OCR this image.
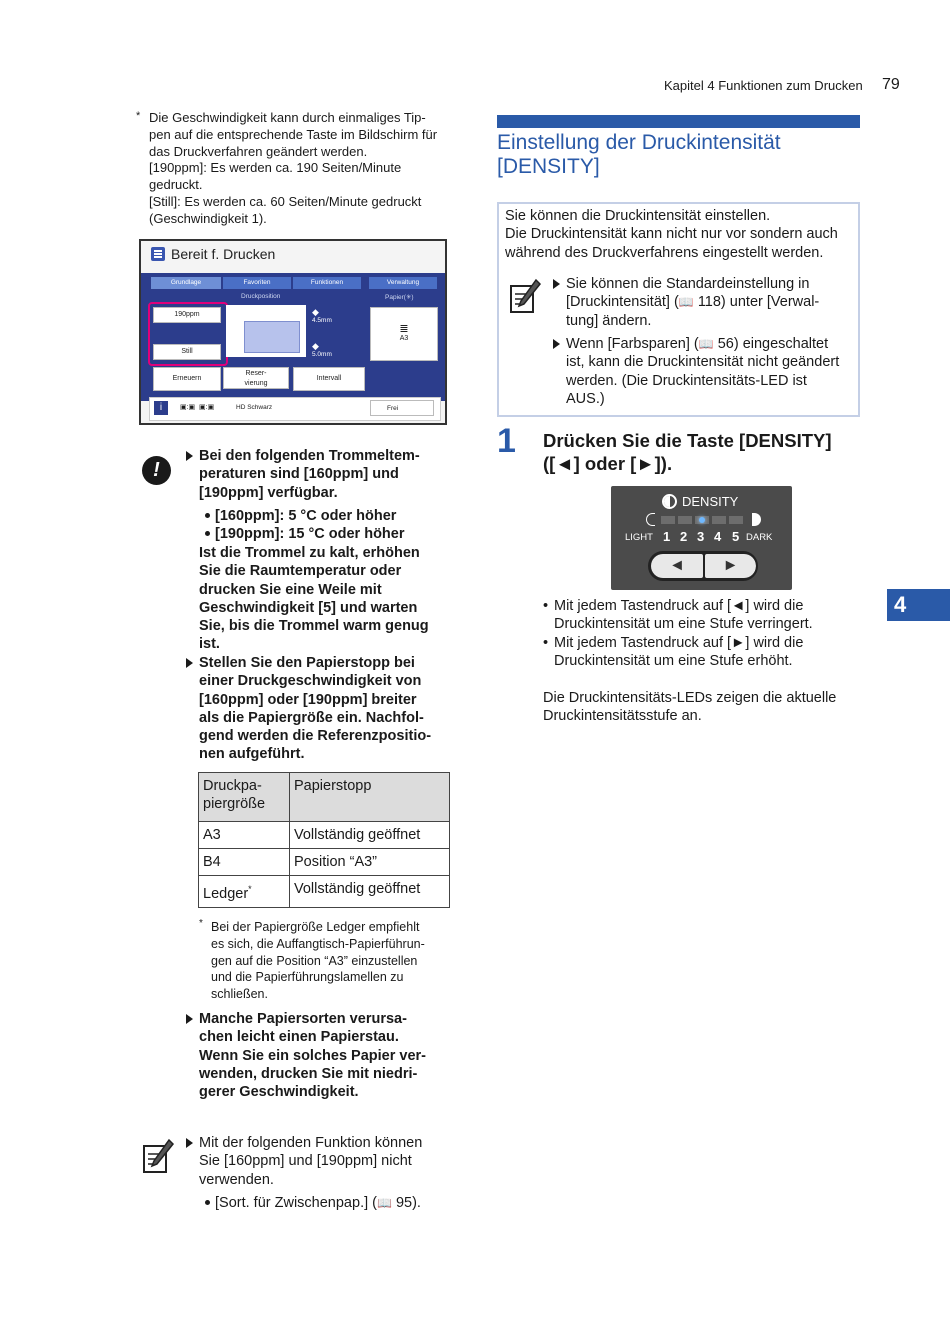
Kapitel 4 Funktionen zum Drucken 79
4
* Die Geschwindigkeit kann durch einmaliges Tip-
pen auf die entsprechende Taste im Bildschirm für
das Druckverfahren geändert werden.
[190ppm]: Es werden ca. 190 Seiten/Minute
gedruckt.
[Still]: Es werden ca. 60 Seiten/Minute gedruckt
(Geschwindigkeit 1).
Bereit f. Drucken
Grundlage	Favoriten	Funktionen	Verwaltung
Druckposition	Papier(✳)
190ppm
Still
◆
4.5mm
◆
5.0mm
≣
A3
Erneuern
Reser-
vierung
Intervall
i	▣:▣  ▣:▣	HD Schwarz	Frei
!
Bei den folgenden Trommeltem-
peraturen sind [160ppm] und
[190ppm] verfügbar.
[160ppm]: 5 °C oder höher
[190ppm]: 15 °C oder höher
Ist die Trommel zu kalt, erhöhen
Sie die Raumtemperatur oder
drucken Sie eine Weile mit
Geschwindigkeit [5] und warten
Sie, bis die Trommel warm genug
ist.
Stellen Sie den Papierstopp bei
einer Druckgeschwindigkeit von
[160ppm] oder [190ppm] breiter
als die Papiergröße ein. Nachfol-
gend werden die Referenzpositio-
nen aufgeführt.
Druckpa-
piergröße	Papierstopp
A3	Vollständig geöffnet
B4	Position “A3”
Ledger*	Vollständig geöffnet
* Bei der Papiergröße Ledger empfiehlt
es sich, die Auffangtisch-Papierführun-
gen auf die Position “A3” einzustellen
und die Papierführungslamellen zu
schließen.
Manche Papiersorten verursa-
chen leicht einen Papierstau.
Wenn Sie ein solches Papier ver-
wenden, drucken Sie mit niedri-
gerer Geschwindigkeit.
Mit der folgenden Funktion können
Sie [160ppm] und [190ppm] nicht
verwenden.
[Sort. für Zwischenpap.] (📖 95).
Einstellung der Druckintensität
[DENSITY]
Sie können die Druckintensität einstellen.
Die Druckintensität kann nicht nur vor sondern auch
während des Druckverfahrens eingestellt werden.
Sie können die Standardeinstellung in
[Druckintensität] (📖 118) unter [Verwal-
tung] ändern.
Wenn [Farbsparen] (📖 56) eingeschaltet
ist, kann die Druckintensität nicht geändert
werden. (Die Druckintensitäts-LED ist
AUS.)
1 Drücken Sie die Taste [DENSITY]
([◄] oder [►]).
DENSITY
LIGHT 1 2 3 4 5 DARK
◄	►
• Mit jedem Tastendruck auf [◄] wird die
Druckintensität um eine Stufe verringert.
• Mit jedem Tastendruck auf [►] wird die
Druckintensität um eine Stufe erhöht.
Die Druckintensitäts-LEDs zeigen die aktuelle
Druckintensitätsstufe an.
